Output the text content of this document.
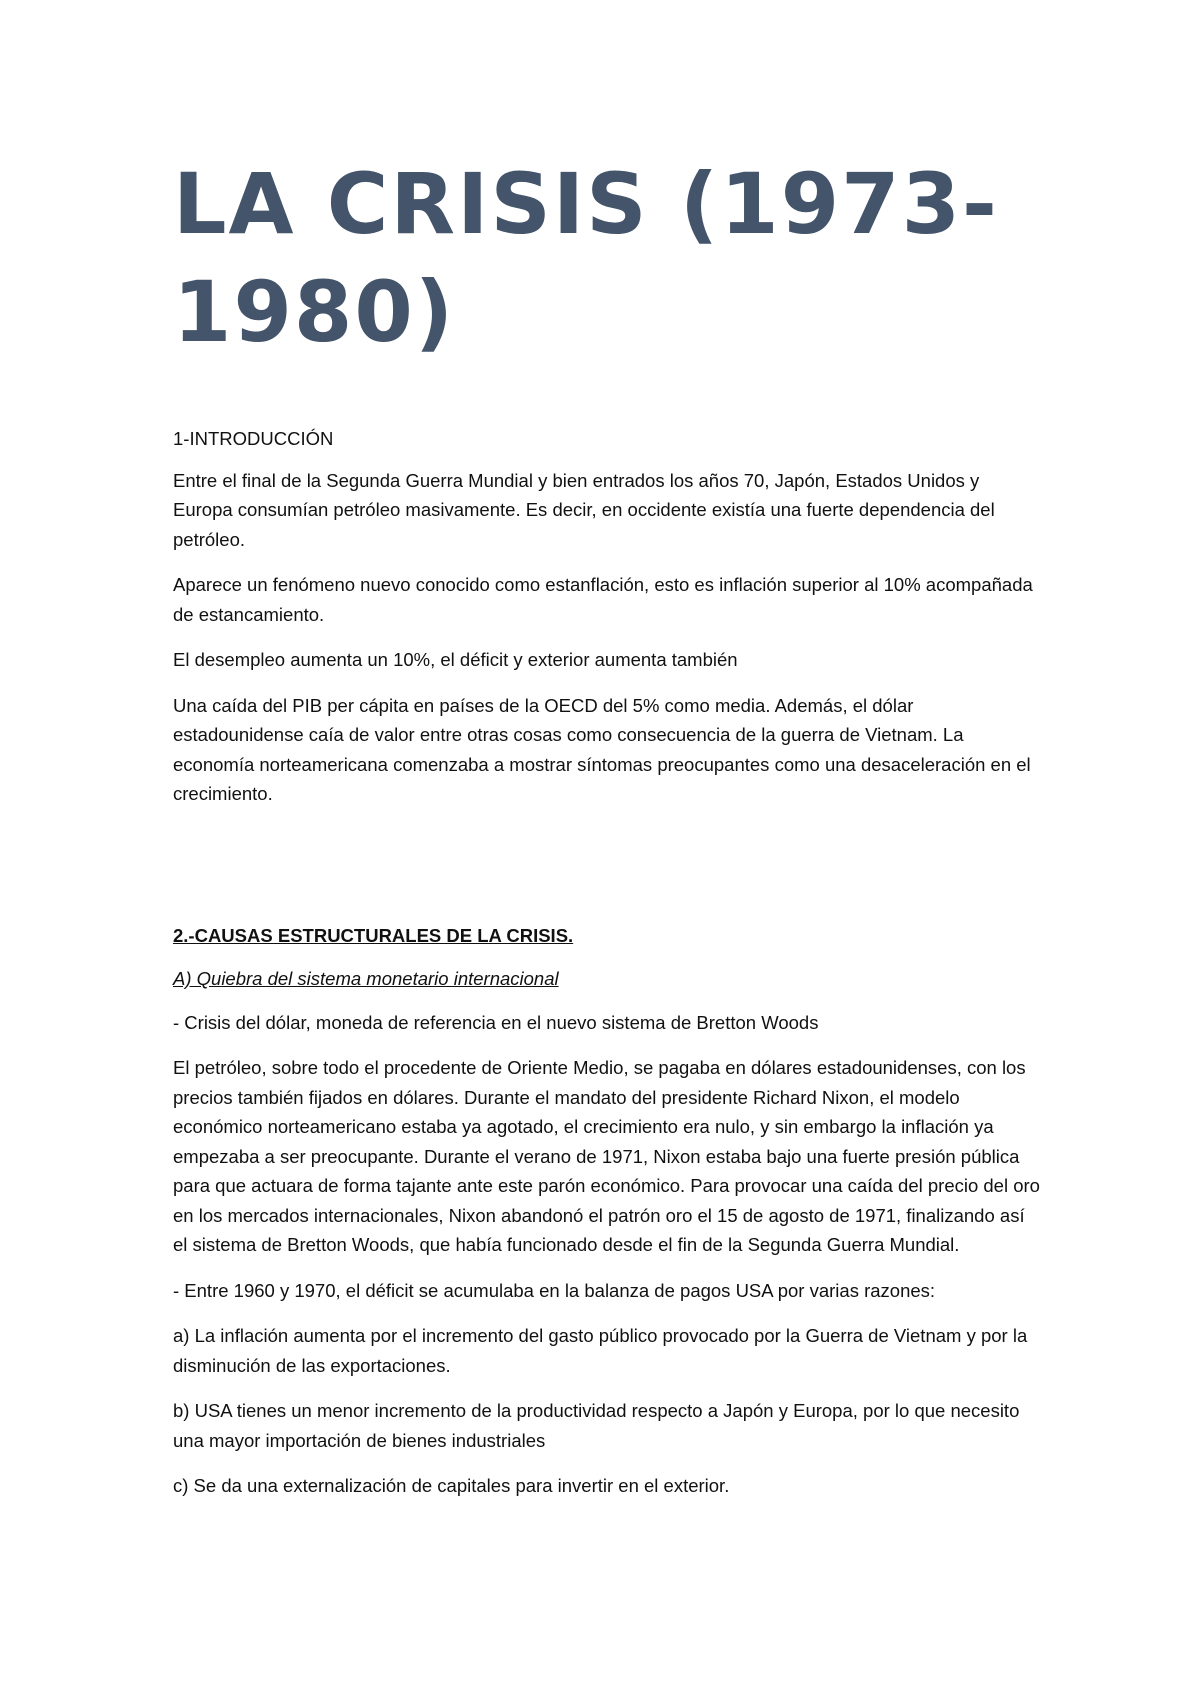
LA CRISIS (1973-1980)

1-INTRODUCCIÓN

Entre el final de la Segunda Guerra Mundial y bien entrados los años 70, Japón, Estados Unidos y Europa consumían petróleo masivamente. Es decir, en occidente existía una fuerte dependencia del petróleo.

Aparece un fenómeno nuevo conocido como estanflación, esto es inflación superior al 10% acompañada de estancamiento.

El desempleo aumenta un 10%, el déficit y exterior aumenta también

Una caída del PIB per cápita en países de la OECD del 5% como media. Además, el dólar estadounidense caía de valor entre otras cosas como consecuencia de la guerra de Vietnam. La economía norteamericana comenzaba a mostrar síntomas preocupantes como una desaceleración en el crecimiento.

2.-CAUSAS ESTRUCTURALES DE LA CRISIS.

A) Quiebra del sistema monetario internacional

- Crisis del dólar, moneda de referencia en el nuevo sistema de Bretton Woods

El petróleo, sobre todo el procedente de Oriente Medio, se pagaba en dólares estadounidenses, con los precios también fijados en dólares. Durante el mandato del presidente Richard Nixon, el modelo económico norteamericano estaba ya agotado, el crecimiento era nulo, y sin embargo la inflación ya empezaba a ser preocupante. Durante el verano de 1971, Nixon estaba bajo una fuerte presión pública para que actuara de forma tajante ante este parón económico. Para provocar una caída del precio del oro en los mercados internacionales, Nixon abandonó el patrón oro el 15 de agosto de 1971, finalizando así el sistema de Bretton Woods, que había funcionado desde el fin de la Segunda Guerra Mundial.

- Entre 1960 y 1970, el déficit se acumulaba en la balanza de pagos USA por varias razones:

a) La inflación aumenta por el incremento del gasto público provocado por la Guerra de Vietnam y por la disminución de las exportaciones.

b) USA tienes un menor incremento de la productividad respecto a Japón y Europa, por lo que necesito una mayor importación de bienes industriales

c) Se da una externalización de capitales para invertir en el exterior.
